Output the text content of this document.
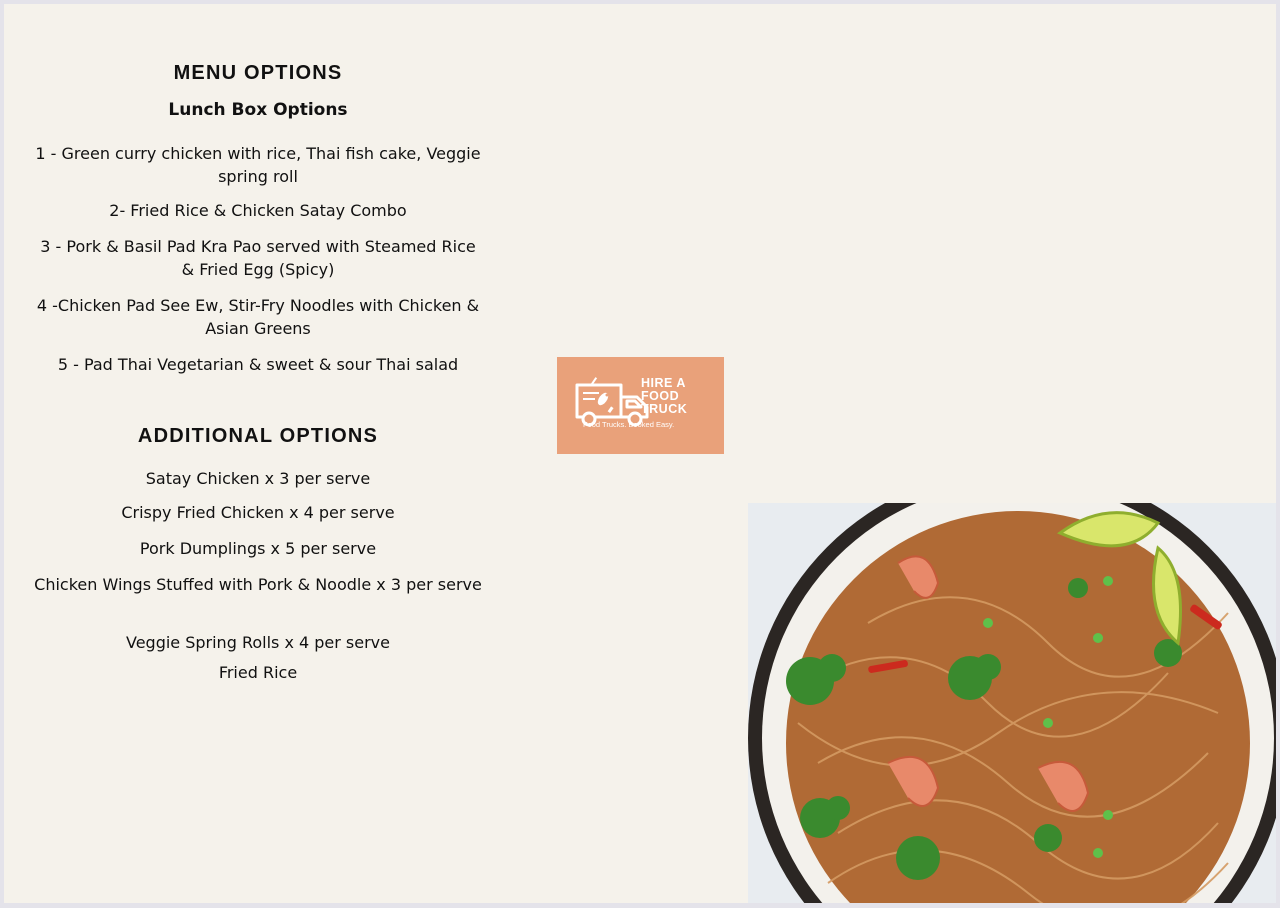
MENU OPTIONS
Lunch Box Options

1 - Green curry chicken with rice, Thai fish cake, Veggie spring roll

2- Fried Rice & Chicken Satay Combo

3 - Pork & Basil Pad Kra Pao served with Steamed Rice & Fried Egg (Spicy)

4 -Chicken Pad See Ew, Stir-Fry Noodles with Chicken & Asian Greens

5 - Pad Thai Vegetarian & sweet & sour Thai salad

ADDITIONAL OPTIONS

Satay Chicken x 3 per serve

Crispy Fried Chicken x 4 per serve

Pork Dumplings x 5 per serve

Chicken Wings Stuffed with Pork & Noodle x 3 per serve

Veggie Spring Rolls x 4 per serve

Fried Rice

HIRE A
FOOD
TRUCK
Food Trucks. Booked Easy.
